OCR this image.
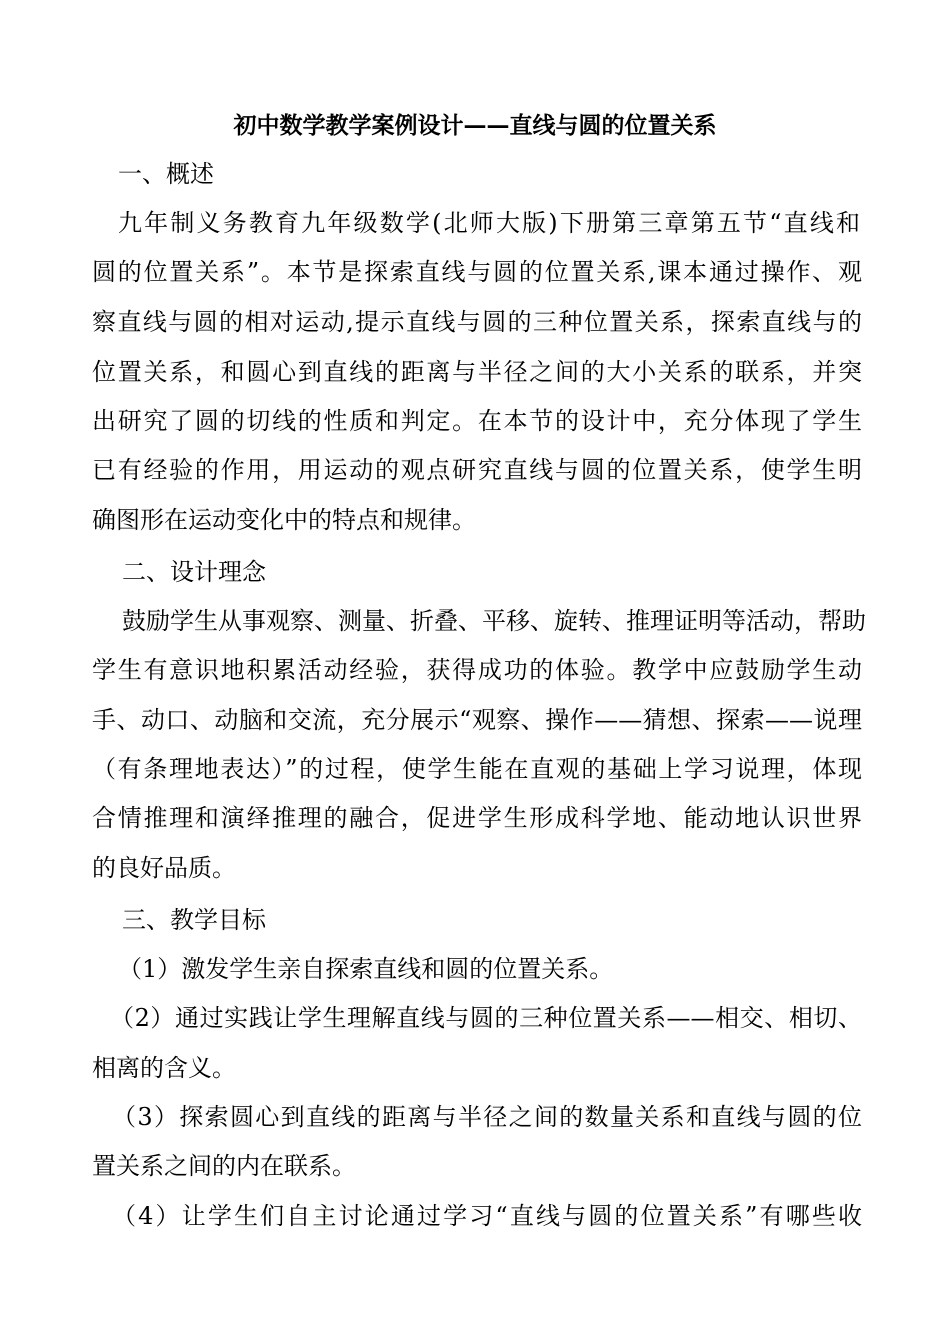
初中数学教学案例设计——直线与圆的位置关系
一、概述
九年制义务教育九年级数学(北师大版)下册第三章第五节“直线和
圆的位置关系”。本节是探索直线与圆的位置关系,课本通过操作、观
察直线与圆的相对运动,提示直线与圆的三种位置关系，探索直线与的
位置关系，和圆心到直线的距离与半径之间的大小关系的联系，并突
出研究了圆的切线的性质和判定。在本节的设计中，充分体现了学生
已有经验的作用，用运动的观点研究直线与圆的位置关系，使学生明
确图形在运动变化中的特点和规律。
二、设计理念
鼓励学生从事观察、测量、折叠、平移、旋转、推理证明等活动，帮助
学生有意识地积累活动经验，获得成功的体验。教学中应鼓励学生动
手、动口、动脑和交流，充分展示“观察、操作——猜想、探索——说理
（有条理地表达）”的过程，使学生能在直观的基础上学习说理，体现
合情推理和演绎推理的融合，促进学生形成科学地、能动地认识世界
的良好品质。
三、教学目标
（1）激发学生亲自探索直线和圆的位置关系。
（2）通过实践让学生理解直线与圆的三种位置关系——相交、相切、
相离的含义。
（3）探索圆心到直线的距离与半径之间的数量关系和直线与圆的位
置关系之间的内在联系。
（4）让学生们自主讨论通过学习“直线与圆的位置关系”有哪些收
